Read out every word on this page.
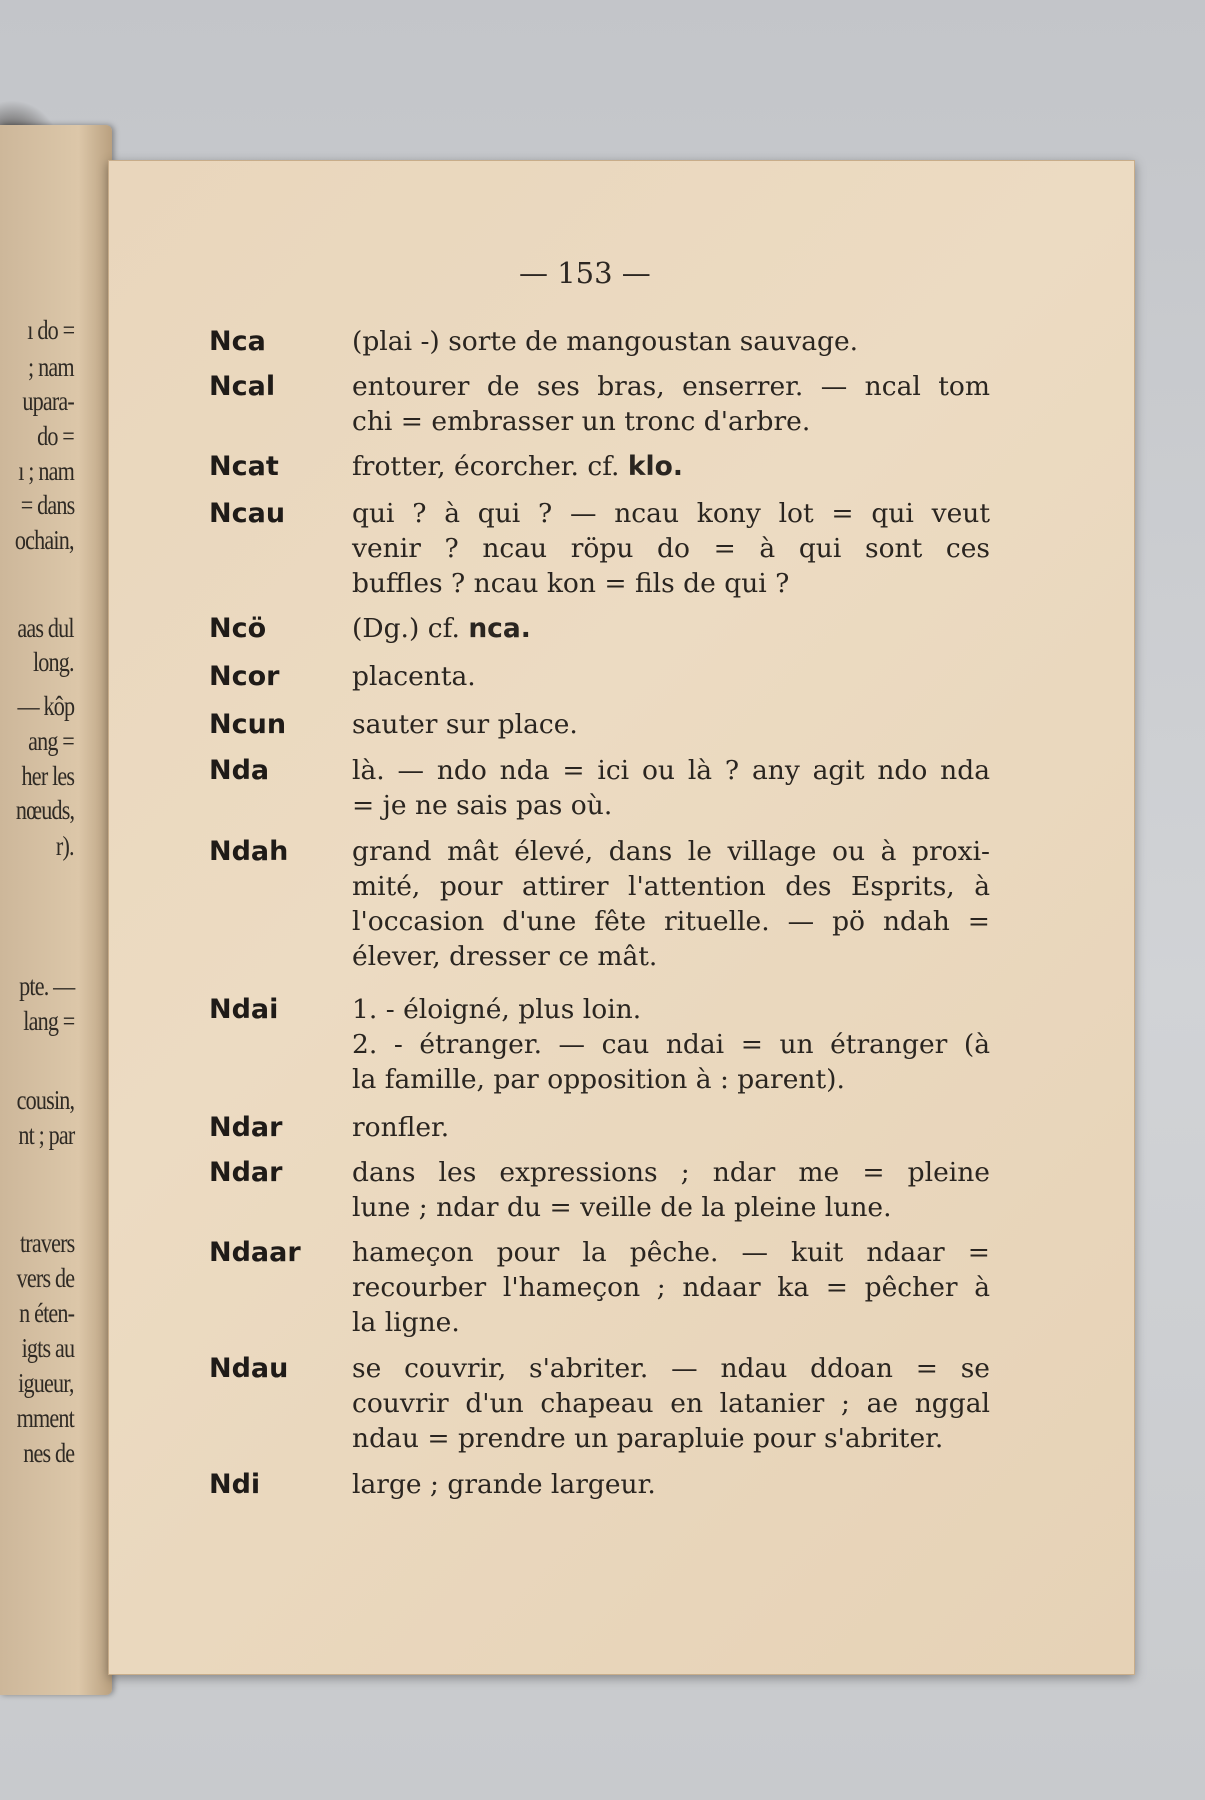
ı do =
; nam
upara-
do =
ı ; nam
= dans
ochain,
aas dul
long.
— kôp
ang =
her les
nœuds,
r).
pte. —
lang =
cousin,
nt ; par
travers
vers de
n éten-
igts au
igueur,
mment
nes de
— 153 —
Nca	(plai -) sorte de mangoustan sauvage.
Ncal	entourer de ses bras, enserrer. — ncal tom
chi = embrasser un tronc d'arbre.
Ncat	frotter, écorcher. cf. klo.
Ncau	qui ? à qui ? — ncau kony lot = qui veut
venir ? ncau röpu do = à qui sont ces
buffles ? ncau kon = fils de qui ?
Ncö	(Dg.) cf. nca.
Ncor	placenta.
Ncun sauter sur place.
Nda	là. — ndo nda = ici ou là ? any agit ndo nda
= je ne sais pas où.
Ndah grand mât élevé, dans le village ou à proxi-
mité, pour attirer l'attention des Esprits, à
l'occasion d'une fête rituelle. — pö ndah =
élever, dresser ce mât.
Ndai	1. - éloigné, plus loin.
2. - étranger. — cau ndai = un étranger (à
la famille, par opposition à : parent).
Ndar	ronfler.
Ndar	dans les expressions ; ndar me = pleine
lune ; ndar du = veille de la pleine lune.
Ndaar hameçon pour la pêche. — kuit ndaar =
recourber l'hameçon ; ndaar ka = pêcher à
la ligne.
Ndau se couvrir, s'abriter. — ndau ddoan = se
couvrir d'un chapeau en latanier ; ae nggal
ndau = prendre un parapluie pour s'abriter.
Ndi	large ; grande largeur.
